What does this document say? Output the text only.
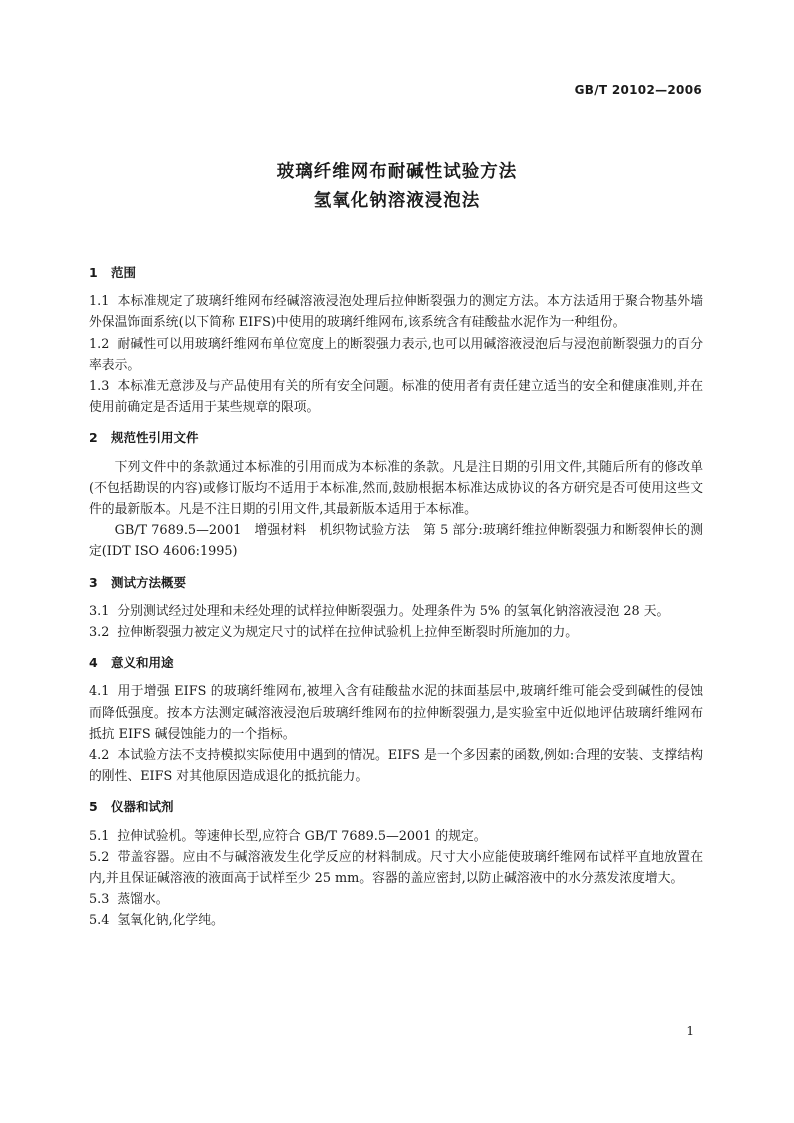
GB/T 20102—2006
玻璃纤维网布耐碱性试验方法
氢氧化钠溶液浸泡法
1 范围
1.1 本标准规定了玻璃纤维网布经碱溶液浸泡处理后拉伸断裂强力的测定方法。本方法适用于聚合物基外墙外保温饰面系统(以下简称 EIFS)中使用的玻璃纤维网布,该系统含有硅酸盐水泥作为一种组份。
1.2 耐碱性可以用玻璃纤维网布单位宽度上的断裂强力表示,也可以用碱溶液浸泡后与浸泡前断裂强力的百分率表示。
1.3 本标准无意涉及与产品使用有关的所有安全问题。标准的使用者有责任建立适当的安全和健康准则,并在使用前确定是否适用于某些规章的限项。
2 规范性引用文件
下列文件中的条款通过本标准的引用而成为本标准的条款。凡是注日期的引用文件,其随后所有的修改单(不包括勘误的内容)或修订版均不适用于本标准,然而,鼓励根据本标准达成协议的各方研究是否可使用这些文件的最新版本。凡是不注日期的引用文件,其最新版本适用于本标准。
GB/T 7689.5—2001　增强材料　机织物试验方法　第 5 部分:玻璃纤维拉伸断裂强力和断裂伸长的测定(IDT ISO 4606:1995)
3 测试方法概要
3.1 分别测试经过处理和未经处理的试样拉伸断裂强力。处理条件为 5% 的氢氧化钠溶液浸泡 28 天。
3.2 拉伸断裂强力被定义为规定尺寸的试样在拉伸试验机上拉伸至断裂时所施加的力。
4 意义和用途
4.1 用于增强 EIFS 的玻璃纤维网布,被埋入含有硅酸盐水泥的抹面基层中,玻璃纤维可能会受到碱性的侵蚀而降低强度。按本方法测定碱溶液浸泡后玻璃纤维网布的拉伸断裂强力,是实验室中近似地评估玻璃纤维网布抵抗 EIFS 碱侵蚀能力的一个指标。
4.2 本试验方法不支持模拟实际使用中遇到的情况。EIFS 是一个多因素的函数,例如:合理的安装、支撑结构的刚性、EIFS 对其他原因造成退化的抵抗能力。
5 仪器和试剂
5.1 拉伸试验机。等速伸长型,应符合 GB/T 7689.5—2001 的规定。
5.2 带盖容器。应由不与碱溶液发生化学反应的材料制成。尺寸大小应能使玻璃纤维网布试样平直地放置在内,并且保证碱溶液的液面高于试样至少 25 mm。容器的盖应密封,以防止碱溶液中的水分蒸发浓度增大。
5.3 蒸馏水。
5.4 氢氧化钠,化学纯。
1
